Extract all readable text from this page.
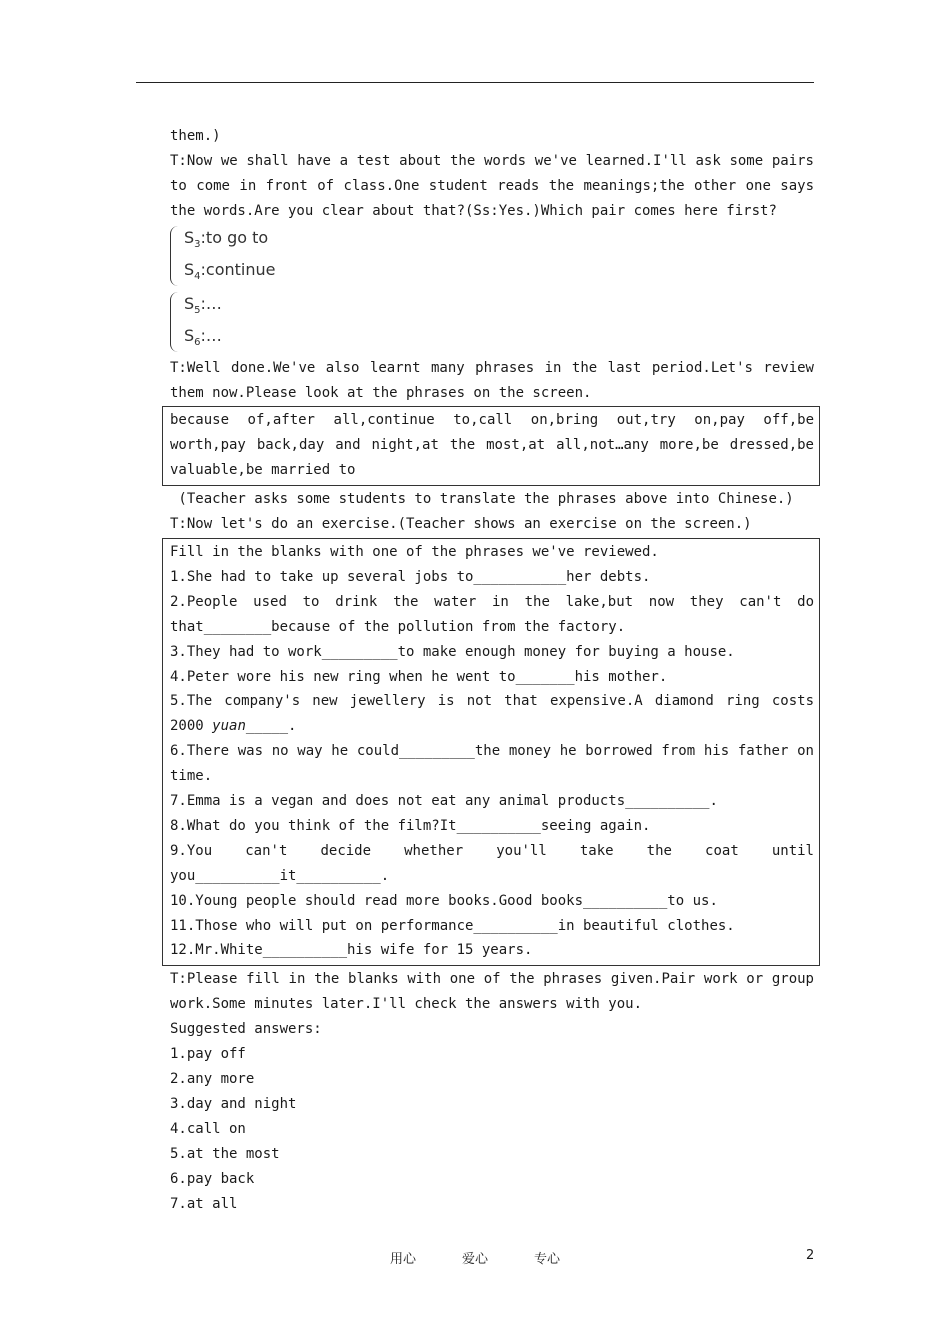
them.)
T:Now we shall have a test about the words we've learned.I'll ask some pairs
to come in front of class.One student reads the meanings;the other one says
the words.Are you clear about that?(Ss:Yes.)Which pair comes here first?
$S_3:to$ go to
$S_4:continue$
$S_5:\dots$
$S_6:\dots$
T:Well done.We've also learnt many phrases in the last period.Let's review
them now.Please look at the phrases on the screen.
because of,after all,continue to,call on,bring out,try on,pay off,be
worth,pay back,day and night,at the most,at all,not…any more,be dressed,be
valuable,be married to
(Teacher asks some students to translate the phrases above into Chinese.)
T:Now let's do an exercise.(Teacher shows an exercise on the screen.)
Fill in the blanks with one of the phrases we've reviewed.
1.She had to take up several jobs to___________her debts.
2.People used to drink the water in the lake,but now they can't do
that________because of the pollution from the factory.
3.They had to work_________to make enough money for buying a house.
4.Peter wore his new ring when he went to_______his mother.
5.The company's new jewellery is not that expensive.A diamond ring costs
2000 yuan_____.
6.There was no way he could_________the money he borrowed from his father on
time.
7.Emma is a vegan and does not eat any animal products__________.
8.What do you think of the film?It__________seeing again.
9.You can't decide whether you'll take the coat until
you__________it__________.
10.Young people should read more books.Good books__________to us.
11.Those who will put on performance__________in beautiful clothes.
12.Mr.White__________his wife for 15 years.
T:Please fill in the blanks with one of the phrases given.Pair work or group
work.Some minutes later.I'll check the answers with you.
Suggested answers:
1.pay off
2.any more
3.day and night
4.call on
5.at the most
6.pay back
7.at all
用心	爱心	专心	2
